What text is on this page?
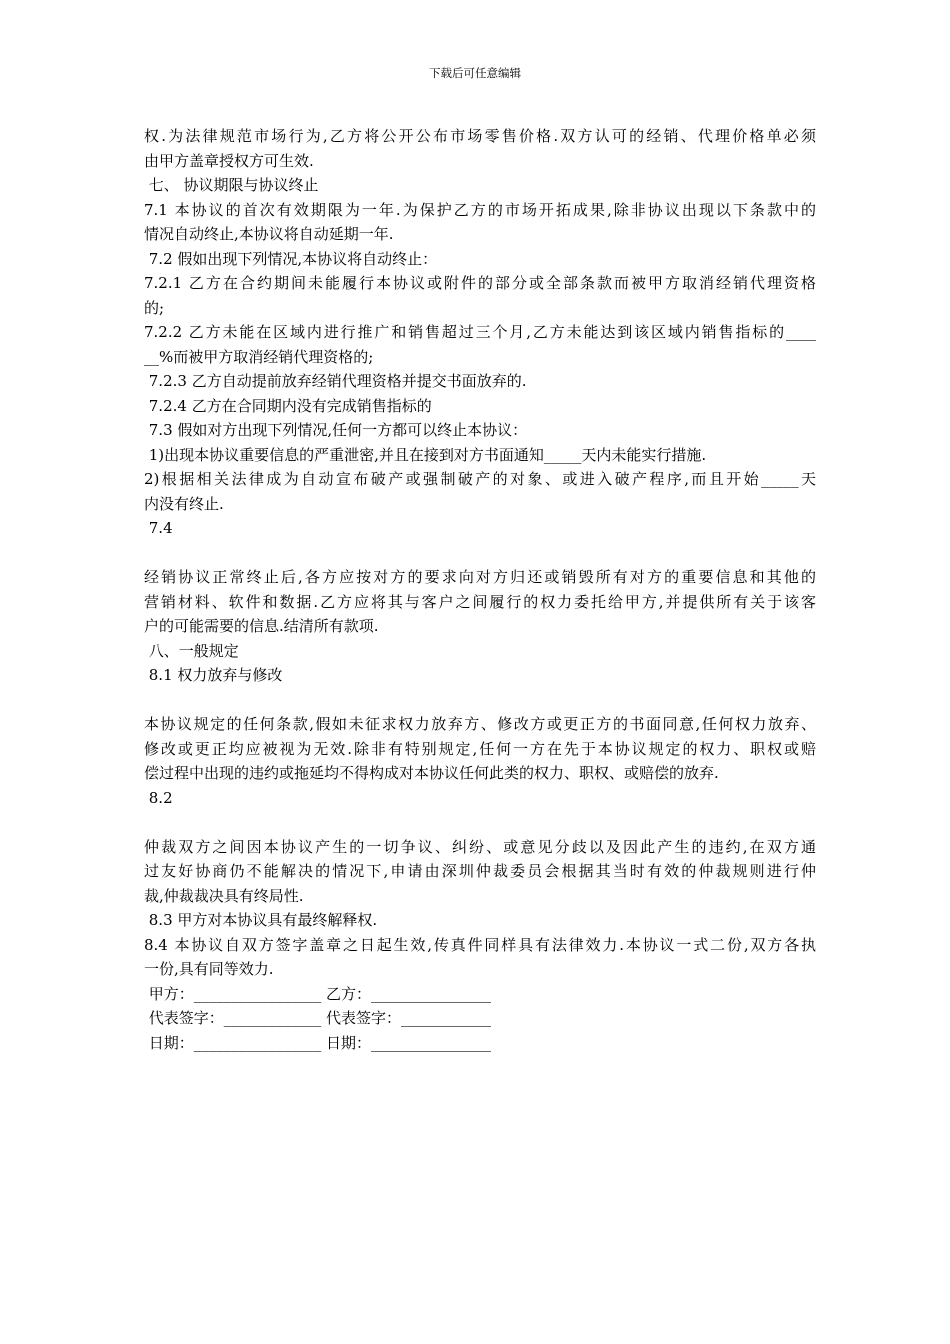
下载后可任意编辑
权.为法律规范市场行为,乙方将公开公布市场零售价格.双方认可的经销、代理价格单必须
由甲方盖章授权方可生效.
七、 协议期限与协议终止
7.1 本协议的首次有效期限为一年.为保护乙方的市场开拓成果,除非协议出现以下条款中的
情况自动终止,本协议将自动延期一年.
7.2 假如出现下列情况,本协议将自动终止：
7.2.1 乙方在合约期间未能履行本协议或附件的部分或全部条款而被甲方取消经销代理资格
的;
7.2.2 乙方未能在区域内进行推广和销售超过三个月,乙方未能达到该区域内销售指标的____
__%而被甲方取消经销代理资格的;
7.2.3 乙方自动提前放弃经销代理资格并提交书面放弃的.
7.2.4 乙方在合同期内没有完成销售指标的
7.3 假如对方出现下列情况,任何一方都可以终止本协议：
1)出现本协议重要信息的严重泄密,并且在接到对方书面通知_____天内未能实行措施.
2)根据相关法律成为自动宣布破产或强制破产的对象、或进入破产程序,而且开始_____天
内没有终止.
7.4
经销协议正常终止后,各方应按对方的要求向对方归还或销毁所有对方的重要信息和其他的
营销材料、软件和数据.乙方应将其与客户之间履行的权力委托给甲方,并提供所有关于该客
户的可能需要的信息.结清所有款项.
八、一般规定
8.1 权力放弃与修改
本协议规定的任何条款,假如未征求权力放弃方、修改方或更正方的书面同意,任何权力放弃、
修改或更正均应被视为无效.除非有特别规定,任何一方在先于本协议规定的权力、职权或赔
偿过程中出现的违约或拖延均不得构成对本协议任何此类的权力、职权、或赔偿的放弃.
8.2
仲裁双方之间因本协议产生的一切争议、纠纷、或意见分歧以及因此产生的违约,在双方通
过友好协商仍不能解决的情况下,申请由深圳仲裁委员会根据其当时有效的仲裁规则进行仲
裁,仲裁裁决具有终局性.
8.3 甲方对本协议具有最终解释权.
8.4 本协议自双方签字盖章之日起生效,传真件同样具有法律效力.本协议一式二份,双方各执
一份,具有同等效力.
甲方：_________________ 乙方：________________
代表签字：_____________ 代表签字：____________
日期：_________________ 日期：________________
